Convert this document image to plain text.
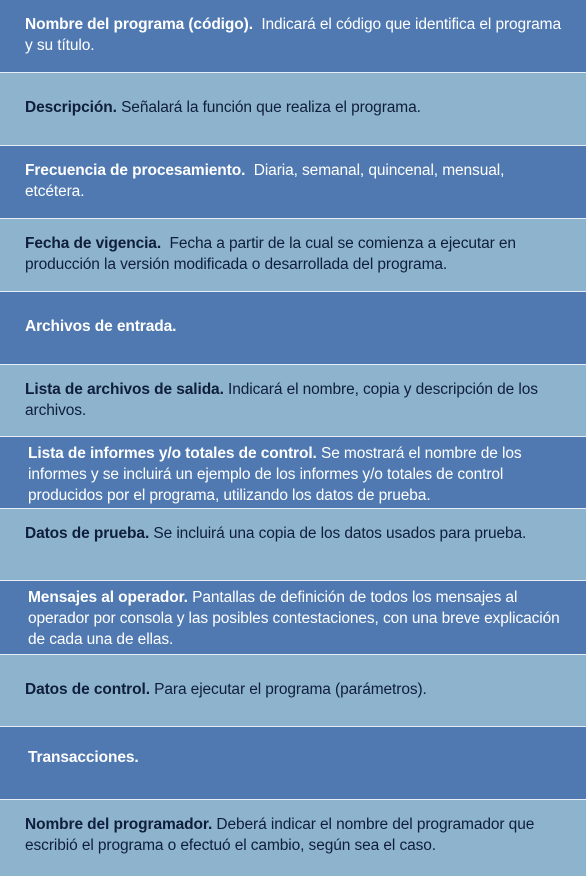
Nombre del programa (código). Indicará el código que identifica el programa y su título.
Descripción. Señalará la función que realiza el programa.
Frecuencia de procesamiento. Diaria, semanal, quincenal, mensual, etcétera.
Fecha de vigencia. Fecha a partir de la cual se comienza a ejecutar en producción la versión modificada o desarrollada del programa.
Archivos de entrada.
Lista de archivos de salida. Indicará el nombre, copia y descripción de los archivos.
Lista de informes y/o totales de control. Se mostrará el nombre de los informes y se incluirá un ejemplo de los informes y/o totales de control producidos por el programa, utilizando los datos de prueba.
Datos de prueba. Se incluirá una copia de los datos usados para prueba.
Mensajes al operador. Pantallas de definición de todos los mensajes al operador por consola y las posibles contestaciones, con una breve explicación de cada una de ellas.
Datos de control. Para ejecutar el programa (parámetros).
Transacciones.
Nombre del programador. Deberá indicar el nombre del programador que escribió el programa o efectuó el cambio, según sea el caso.
